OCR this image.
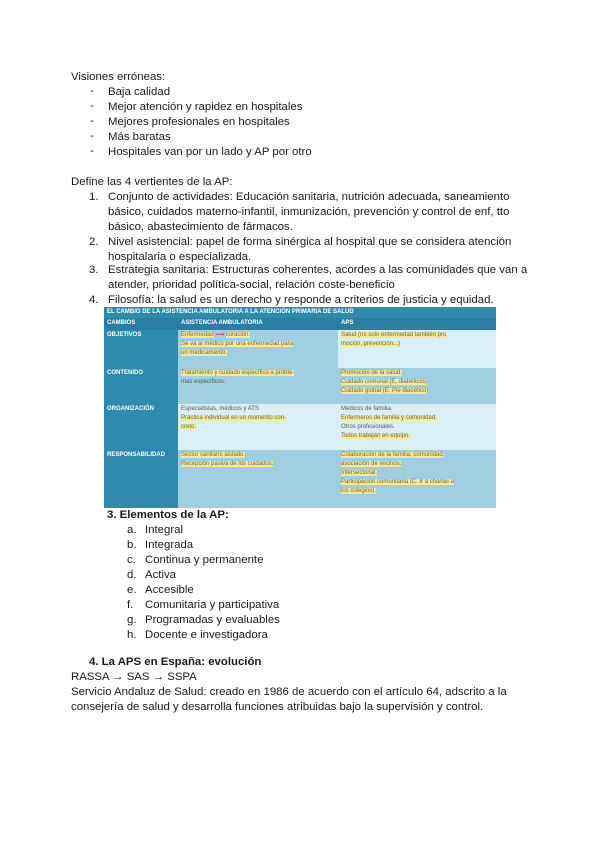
Visiones erróneas:
- Baja calidad
- Mejor atención y rapidez en hospitales
- Mejores profesionales en hospitales
- Más baratas
- Hospitales van por un lado y AP por otro
Define las 4 vertientes de la AP:
1. Conjunto de actividades: Educación sanitaria, nutrición adecuada, saneamiento
básico, cuidados materno-infantil, inmunización, prevención y control de enf, tto
básico, abastecimiento de fármacos.
2. Nivel asistencial: papel de forma sinérgica al hospital que se considera atención
hospitalaria o especializada.
3. Estrategia sanitaria: Estructuras coherentes, acordes a las comunidades que van a
atender, prioridad política-social, relación coste-beneficio
4. Filosofía: la salud es un derecho y responde a criterios de justicia y equidad.
EL CAMBIO DE LA ASISTENCIA AMBULATORIA A LA ATENCIÓN PRIMARIA DE SALUD		
CAMBIOS	ASISTENCIA AMBULATORIA	APS
OBJETIVOS	Enfermedad ⟶ curación.
Se va al médico por una enfermedad para
un medicamento.	Salud (no solo enfermedad también pro
moción, prevención...)

CONTENIDO	Tratamiento y cuidado específico a proble-
mas específicos.	Promoción de la salud.
Cuidado comunal (E, diabéticos)
Cuidado global (E. Pie diabético)

ORGANIZACIÓN	Especialistas, médicos y ATS
Práctica individual en un momento con-
creto.	Médicos de familia.
Enfermeros de familia y comunidad.
Otros profesionales.
Todos trabajan en equipo.

RESPONSABILIDAD	Sector sanitario aislado.
Recepción pasiva de los cuidados.	Colaboración de la familia, comunidad,
asociación de vecinos.
Intersectorial.
Participación comunitaria (C. Ir a charlas a
los colegios).
3. Elementos de la AP:
a. Integral
b. Integrada
c. Continua y permanente
d. Activa
e. Accesible
f. Comunitaria y participativa
g. Programadas y evaluables
h. Docente e investigadora
4. La APS en España: evolución
RASSA → SAS → SSPA
Servicio Andaluz de Salud: creado en 1986 de acuerdo con el artículo 64, adscrito a la
consejería de salud y desarrolla funciones atribuidas bajo la supervisión y control.
